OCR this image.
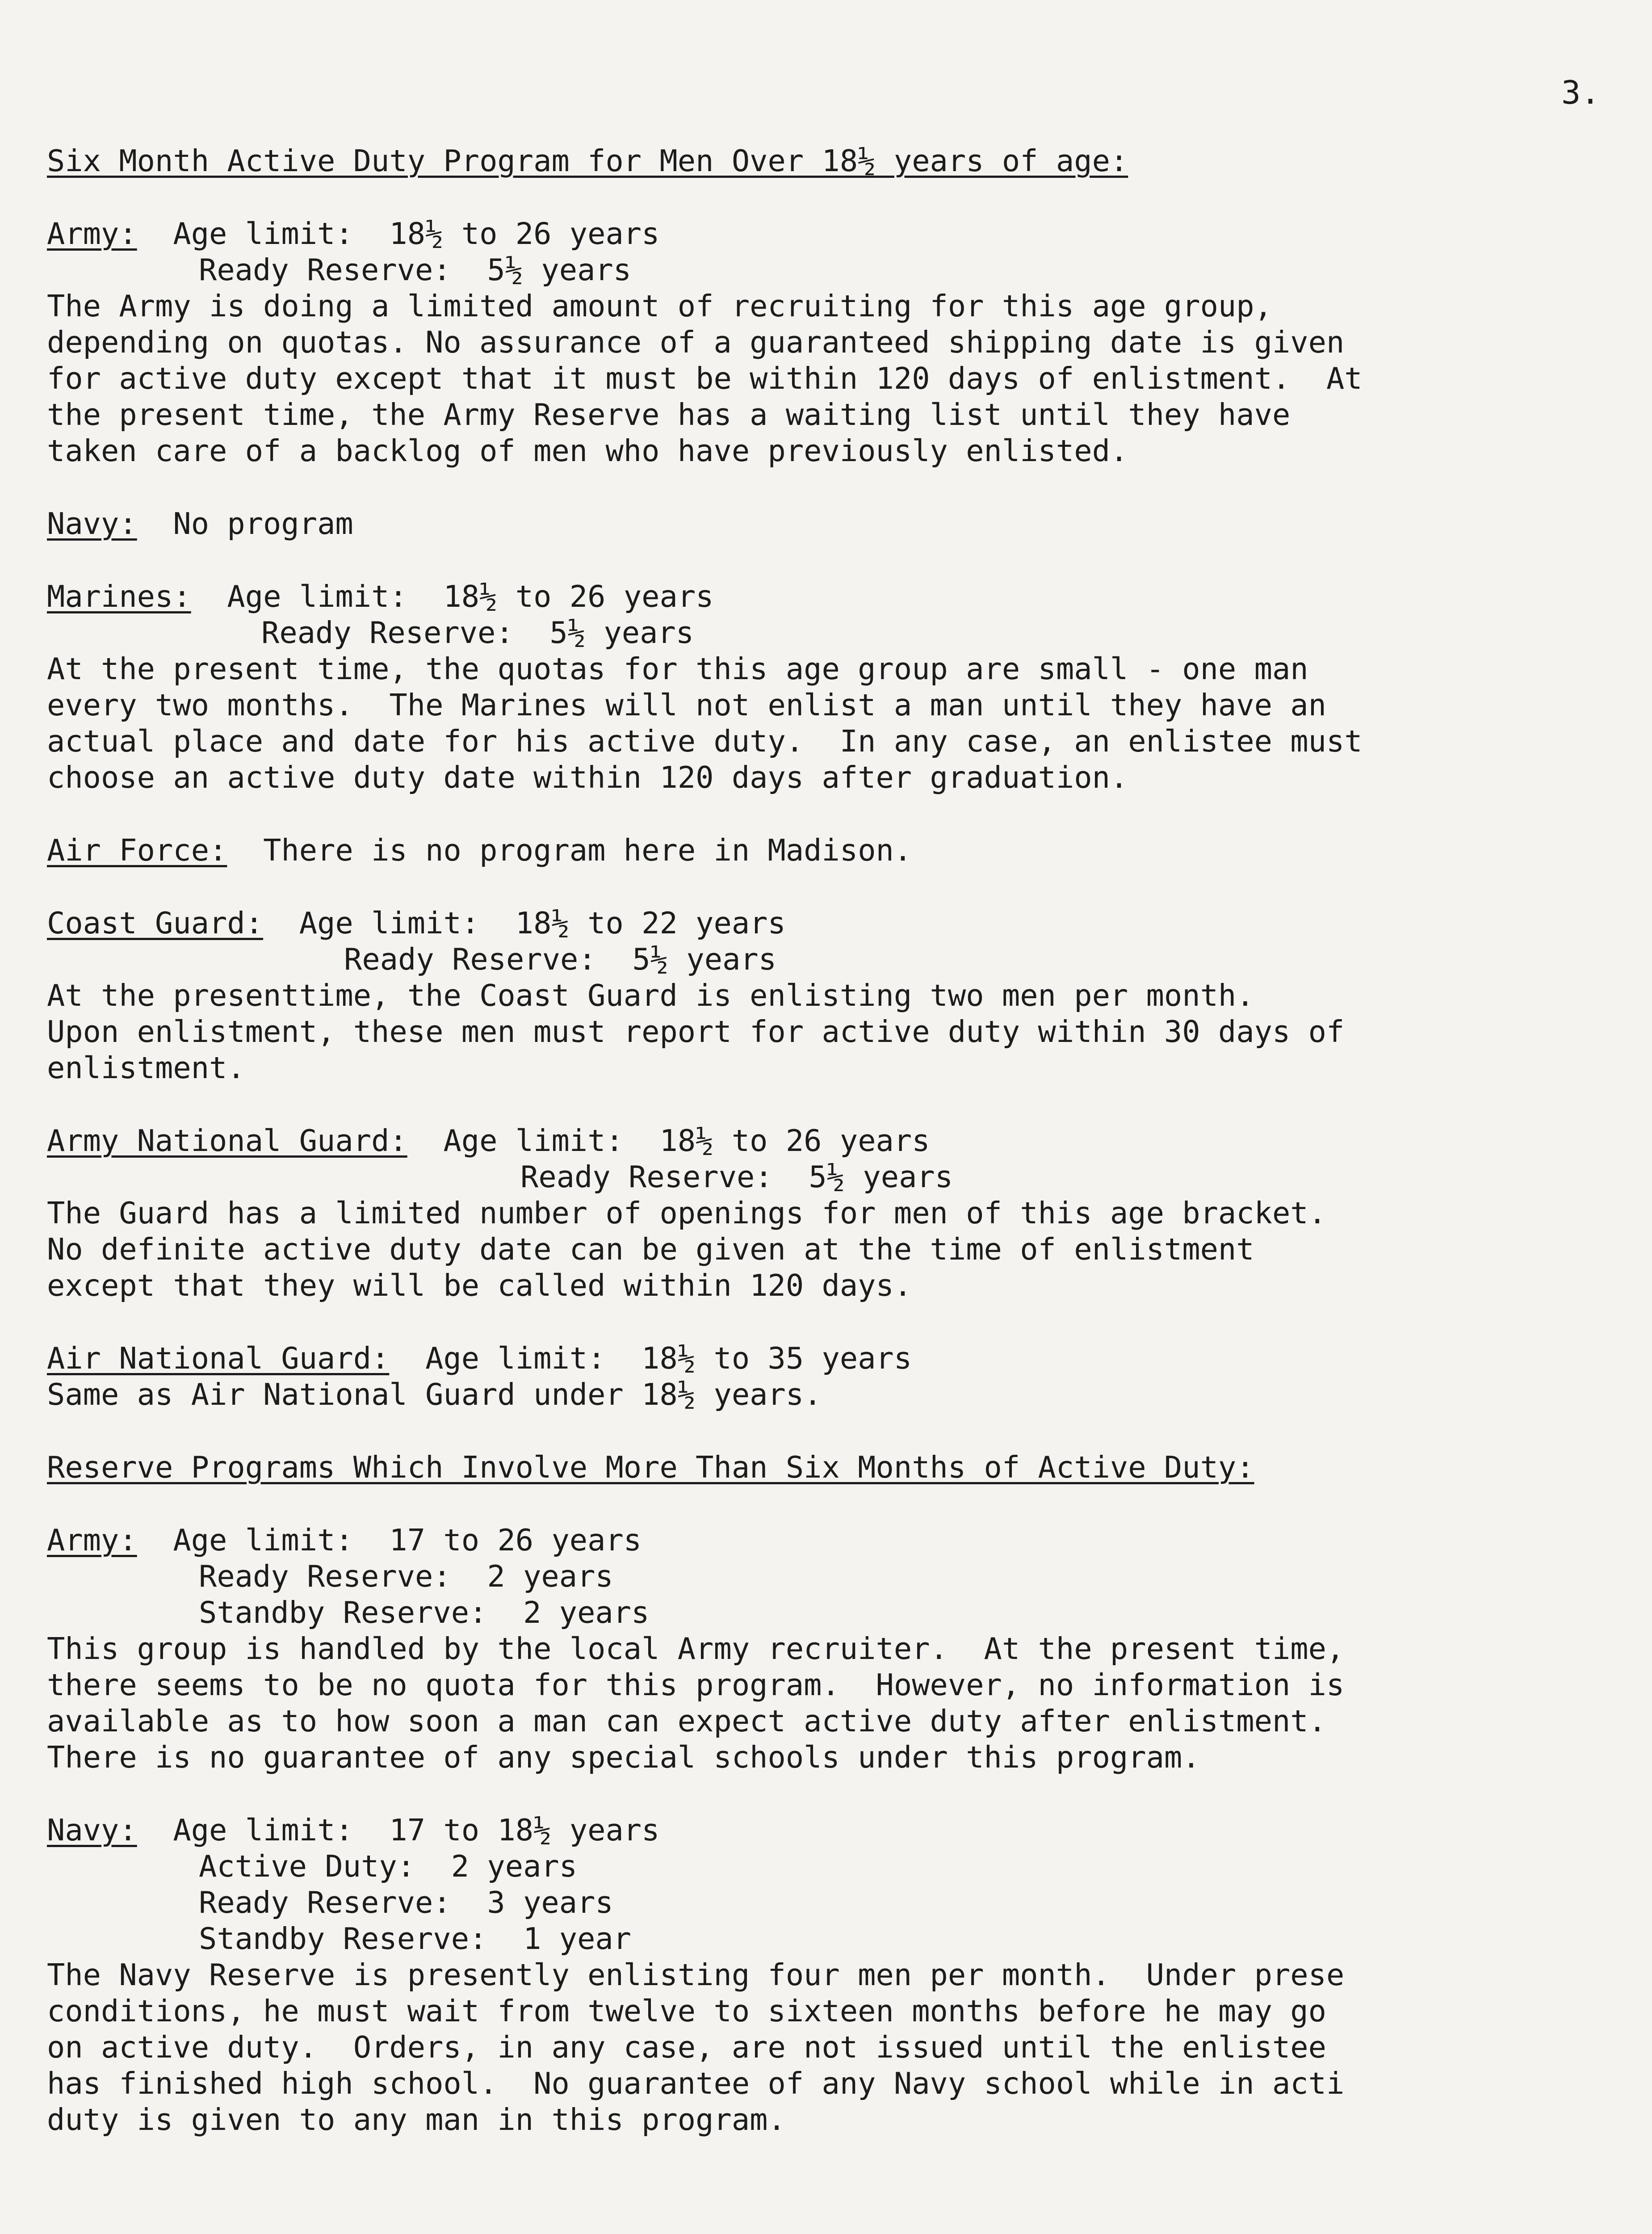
3.
Six Month Active Duty Program for Men Over 18½ years of age:
Army: Age limit:  18½ to 26 years
Ready Reserve:  5½ years
The Army is doing a limited amount of recruiting for this age group,
depending on quotas. No assurance of a guaranteed shipping date is given
for active duty except that it must be within 120 days of enlistment.  At
the present time, the Army Reserve has a waiting list until they have
taken care of a backlog of men who have previously enlisted.
Navy: No program
Marines: Age limit:  18½ to 26 years
Ready Reserve:  5½ years
At the present time, the quotas for this age group are small - one man
every two months.  The Marines will not enlist a man until they have an
actual place and date for his active duty.  In any case, an enlistee must
choose an active duty date within 120 days after graduation.
Air Force: There is no program here in Madison.
Coast Guard: Age limit:  18½ to 22 years
Ready Reserve:  5½ years
At the presenttime, the Coast Guard is enlisting two men per month.
Upon enlistment, these men must report for active duty within 30 days of
enlistment.
Army National Guard: Age limit:  18½ to 26 years
Ready Reserve:  5½ years
The Guard has a limited number of openings for men of this age bracket.
No definite active duty date can be given at the time of enlistment
except that they will be called within 120 days.
Air National Guard: Age limit:  18½ to 35 years
Same as Air National Guard under 18½ years.
Reserve Programs Which Involve More Than Six Months of Active Duty:
Army: Age limit:  17 to 26 years
Ready Reserve:  2 years
Standby Reserve:  2 years
This group is handled by the local Army recruiter.  At the present time,
there seems to be no quota for this program.  However, no information is
available as to how soon a man can expect active duty after enlistment.
There is no guarantee of any special schools under this program.
Navy: Age limit:  17 to 18½ years
Active Duty:  2 years
Ready Reserve:  3 years
Standby Reserve:  1 year
The Navy Reserve is presently enlisting four men per month.  Under prese
conditions, he must wait from twelve to sixteen months before he may go
on active duty.  Orders, in any case, are not issued until the enlistee
has finished high school.  No guarantee of any Navy school while in acti
duty is given to any man in this program.
